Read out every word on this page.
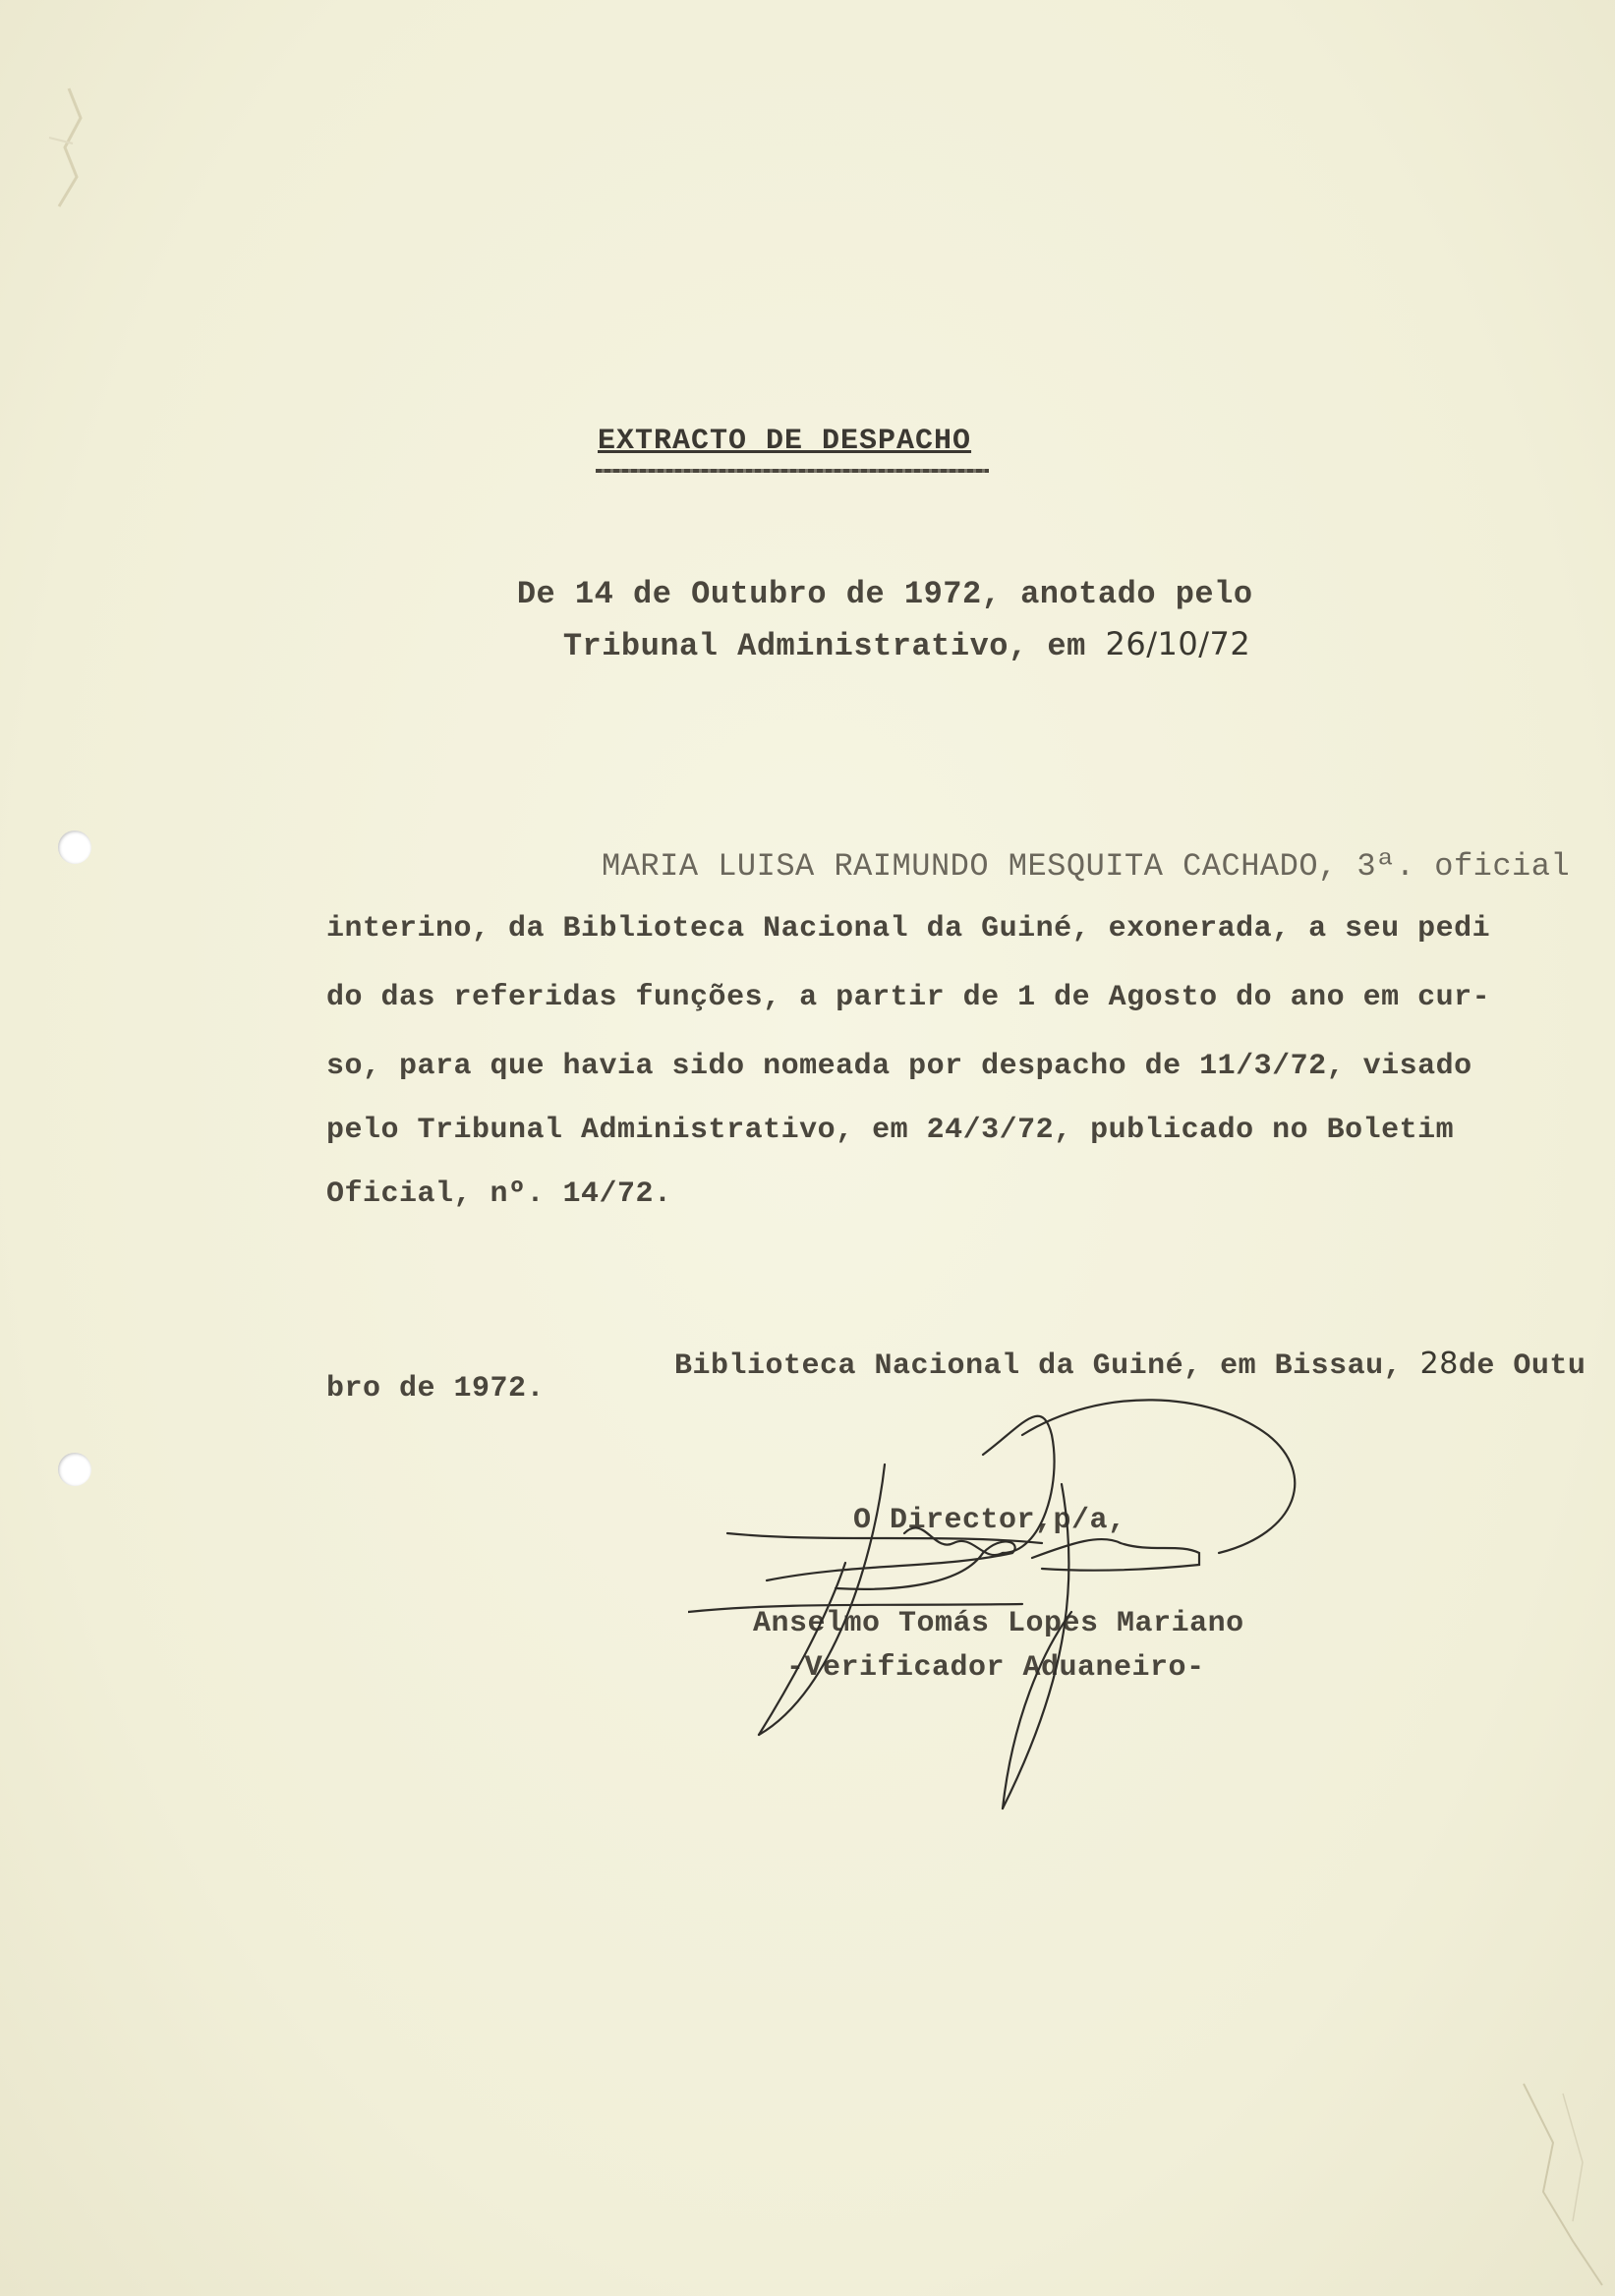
EXTRACTO DE DESPACHO

De 14 de Outubro de 1972, anotado pelo

Tribunal Administrativo, em 26/10/72

MARIA LUISA RAIMUNDO MESQUITA CACHADO, 3ª. oficial
interino, da Biblioteca Nacional da Guiné, exonerada, a seu pedi
do das referidas funções, a partir de 1 de Agosto do ano em cur-
so, para que havia sido nomeada por despacho de 11/3/72, visado
pelo Tribunal Administrativo, em 24/3/72, publicado no Boletim
Oficial, nº. 14/72.

Biblioteca Nacional da Guiné, em Bissau, 28de Outu

bro de 1972.
O Director,p/a,
Anselmo Tomás Lopes Mariano
-Verificador Aduaneiro-
